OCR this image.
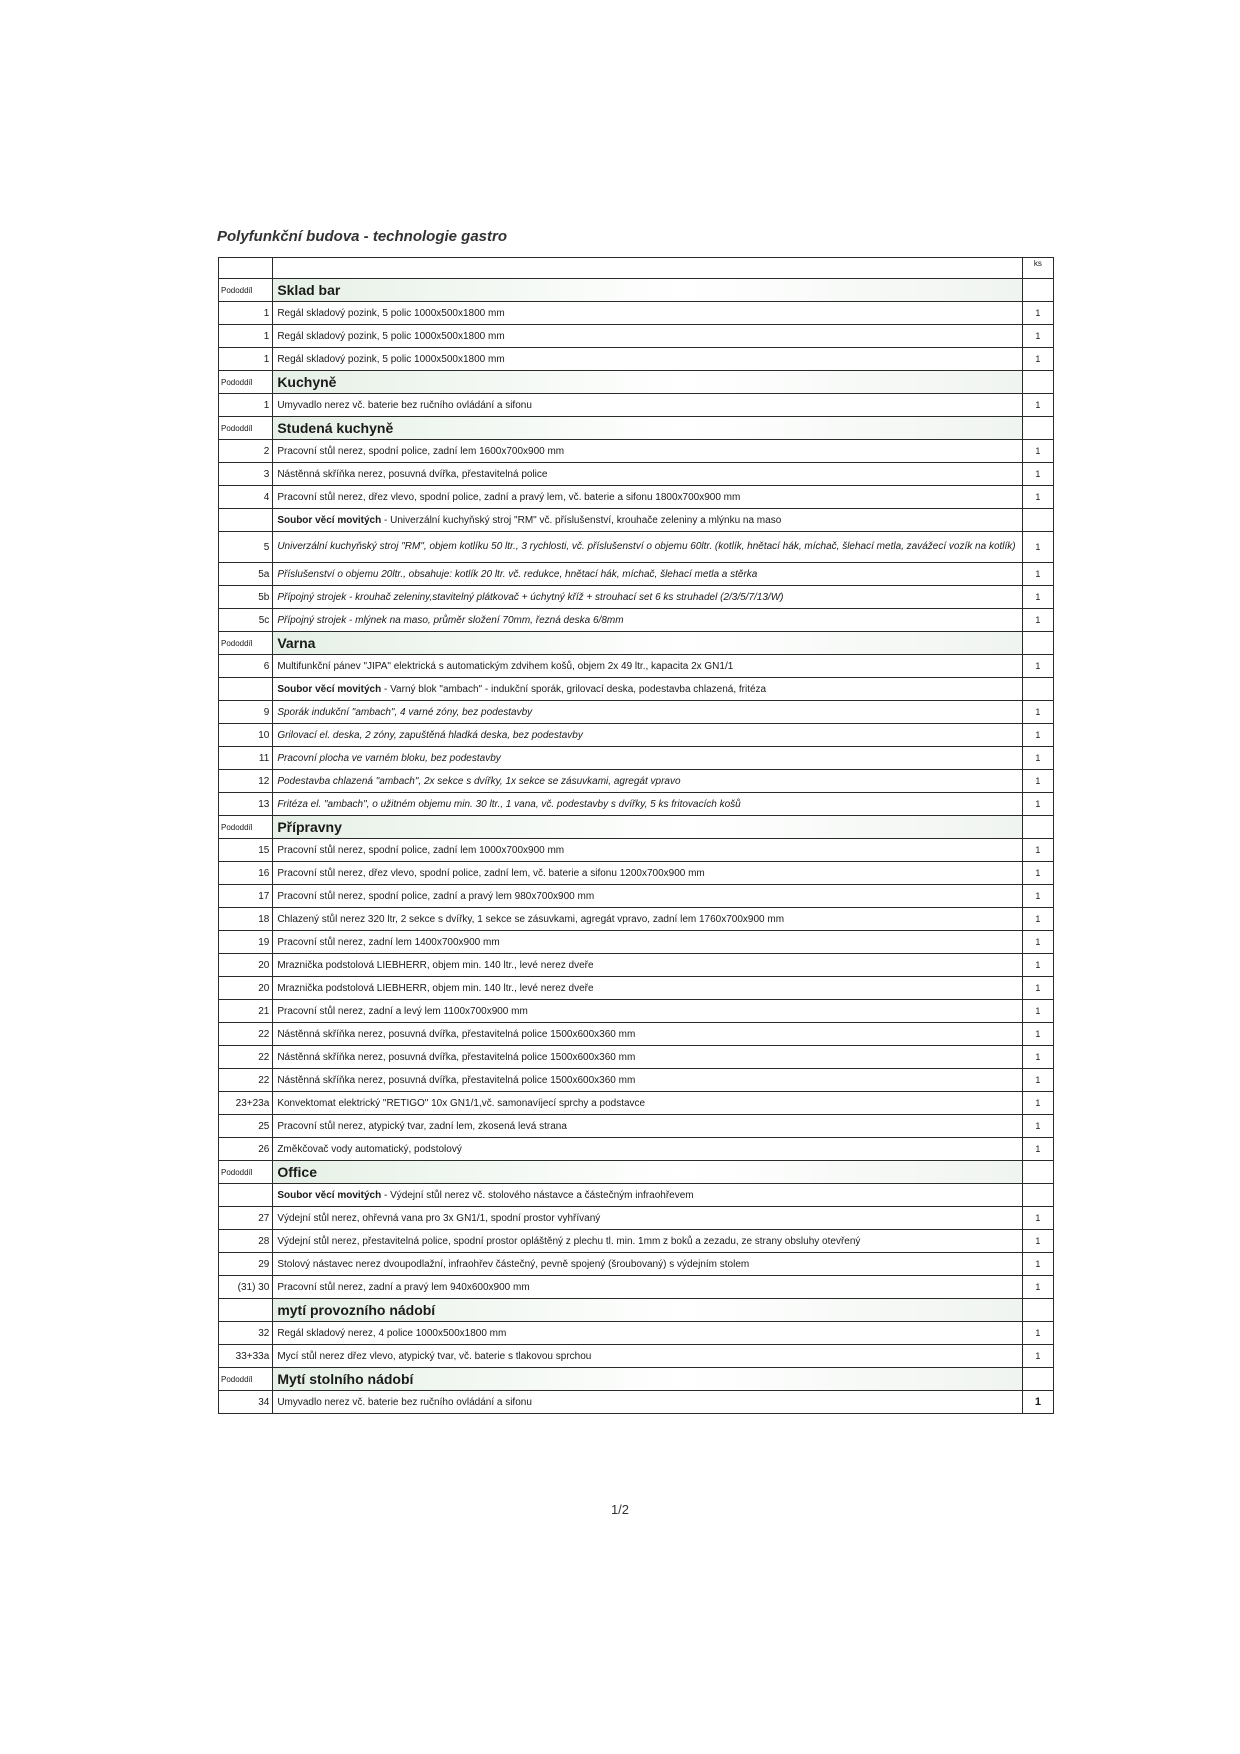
Polyfunkční budova - technologie gastro
		ks
Pododdíl	Sklad bar	
1	Regál skladový pozink, 5 polic 1000x500x1800 mm	1
1	Regál skladový pozink, 5 polic 1000x500x1800 mm	1
1	Regál skladový pozink, 5 polic 1000x500x1800 mm	1
Pododdíl	Kuchyně	
1	Umyvadlo nerez vč. baterie bez ručního ovládání a sifonu	1
Pododdíl	Studená kuchyně	
2	Pracovní stůl nerez, spodní police, zadní lem 1600x700x900 mm	1
3	Nástěnná skříňka nerez, posuvná dvířka, přestavitelná police	1
4	Pracovní stůl nerez, dřez vlevo, spodní police, zadní a pravý lem, vč. baterie a sifonu 1800x700x900 mm	1
	Soubor věcí movitých - Univerzální kuchyňský stroj "RM" vč. příslušenství, krouhače zeleniny a mlýnku na maso	
5	Univerzální kuchyňský stroj "RM", objem kotlíku 50 ltr., 3 rychlosti, vč. příslušenství o objemu 60ltr. (kotlík, hnětací hák, míchač, šlehací metla, zavážecí vozík na kotlík)	1
5a	Příslušenství o objemu 20ltr., obsahuje: kotlík 20 ltr. vč. redukce, hnětací hák, míchač, šlehací metla a stěrka	1
5b	Přípojný strojek - krouhač zeleniny,stavitelný plátkovač + úchytný kříž + strouhací set 6 ks struhadel (2/3/5/7/13/W)	1
5c	Přípojný strojek - mlýnek na maso, průměr složení 70mm, řezná deska 6/8mm	1
Pododdíl	Varna	
6	Multifunkční pánev "JIPA" elektrická s automatickým zdvihem košů, objem 2x 49 ltr., kapacita 2x GN1/1	1
	Soubor věcí movitých - Varný blok "ambach" - indukční sporák, grilovací deska, podestavba chlazená, fritéza	
9	Sporák indukční "ambach", 4 varné zóny, bez podestavby	1
10	Grilovací el. deska, 2 zóny, zapuštěná hladká deska, bez podestavby	1
11	Pracovní plocha ve varném bloku, bez podestavby	1
12	Podestavba chlazená "ambach", 2x sekce s dvířky, 1x sekce se zásuvkami, agregát vpravo	1
13	Fritéza el. "ambach", o užitném objemu min. 30 ltr., 1 vana, vč. podestavby s dvířky, 5 ks fritovacích košů	1
Pododdíl	Přípravny	
15	Pracovní stůl nerez, spodní police, zadní lem 1000x700x900 mm	1
16	Pracovní stůl nerez, dřez vlevo, spodní police, zadní lem, vč. baterie a sifonu 1200x700x900 mm	1
17	Pracovní stůl nerez, spodní police, zadní a pravý lem 980x700x900 mm	1
18	Chlazený stůl nerez 320 ltr, 2 sekce s dvířky, 1 sekce se zásuvkami, agregát vpravo, zadní lem 1760x700x900 mm	1
19	Pracovní stůl nerez, zadní lem 1400x700x900 mm	1
20	Mraznička podstolová LIEBHERR, objem min. 140 ltr., levé nerez dveře	1
20	Mraznička podstolová LIEBHERR, objem min. 140 ltr., levé nerez dveře	1
21	Pracovní stůl nerez, zadní a levý lem 1100x700x900 mm	1
22	Nástěnná skříňka nerez, posuvná dvířka, přestavitelná police 1500x600x360 mm	1
22	Nástěnná skříňka nerez, posuvná dvířka, přestavitelná police 1500x600x360 mm	1
22	Nástěnná skříňka nerez, posuvná dvířka, přestavitelná police 1500x600x360 mm	1
23+23a	Konvektomat elektrický "RETIGO" 10x GN1/1,vč. samonavíjecí sprchy a podstavce	1
25	Pracovní stůl nerez, atypický tvar, zadní lem, zkosená levá strana	1
26	Změkčovač vody automatický, podstolový	1
Pododdíl	Office	
	Soubor věcí movitých - Výdejní stůl nerez vč. stolového nástavce a částečným infraohřevem	
27	Výdejní stůl nerez, ohřevná vana pro 3x GN1/1, spodní prostor vyhřívaný	1
28	Výdejní stůl nerez, přestavitelná police, spodní prostor opláštěný z plechu tl. min. 1mm z boků a zezadu, ze strany obsluhy otevřený	1
29	Stolový nástavec nerez dvoupodlažní, infraohřev částečný, pevně spojený (šroubovaný) s výdejním stolem	1
(31) 30	Pracovní stůl nerez, zadní a pravý lem 940x600x900 mm	1
	mytí provozního nádobí	
32	Regál skladový nerez, 4 police 1000x500x1800 mm	1
33+33a	Mycí stůl nerez dřez vlevo, atypický tvar, vč. baterie s tlakovou sprchou	1
Pododdíl	Mytí stolního nádobí	
34	Umyvadlo nerez vč. baterie bez ručního ovládání a sifonu	1
1/2
